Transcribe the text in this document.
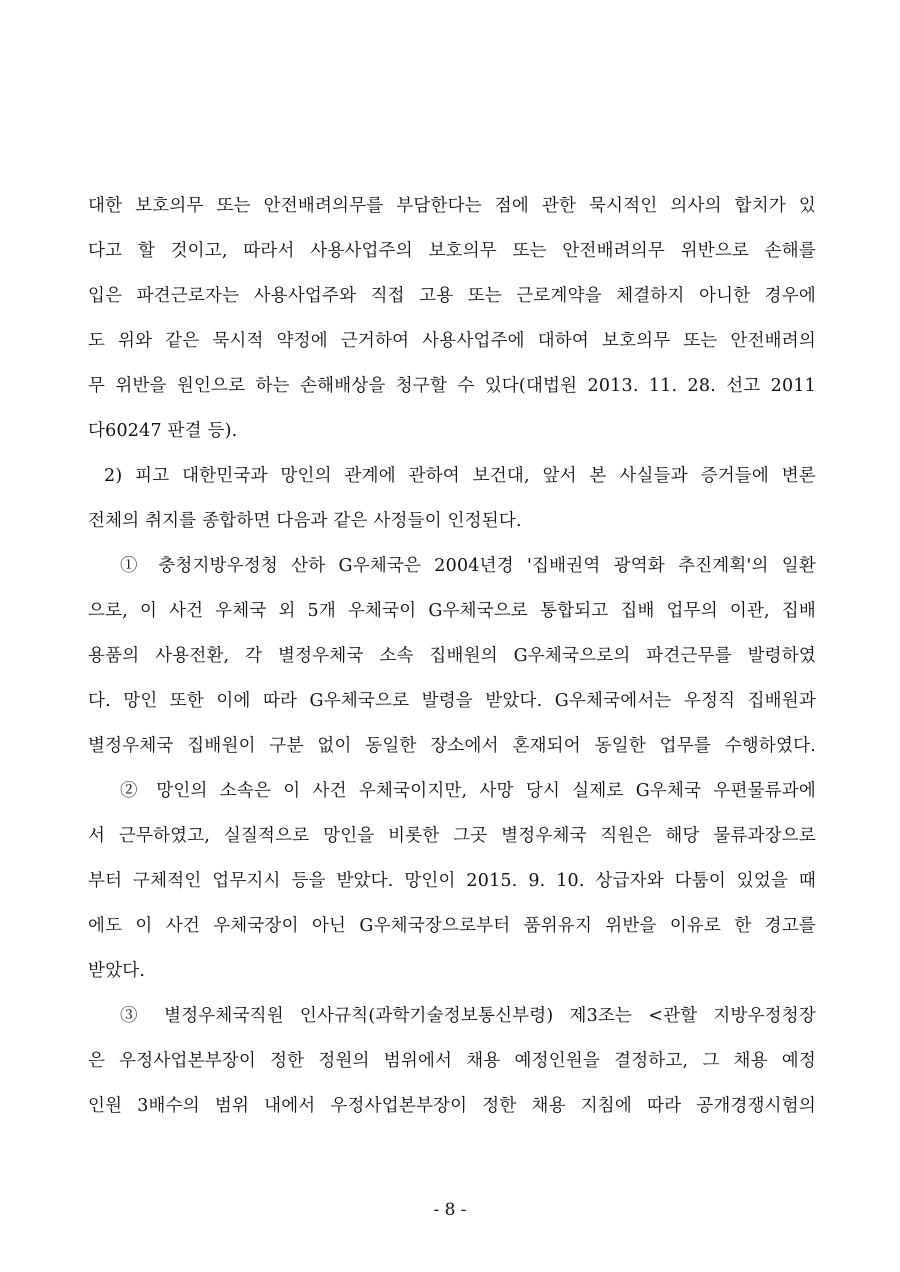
대한 보호의무 또는 안전배려의무를 부담한다는 점에 관한 묵시적인 의사의 합치가 있
다고 할 것이고, 따라서 사용사업주의 보호의무 또는 안전배려의무 위반으로 손해를
입은 파견근로자는 사용사업주와 직접 고용 또는 근로계약을 체결하지 아니한 경우에
도 위와 같은 묵시적 약정에 근거하여 사용사업주에 대하여 보호의무 또는 안전배려의
무 위반을 원인으로 하는 손해배상을 청구할 수 있다(대법원 2013. 11. 28. 선고 2011
다60247 판결 등).
2) 피고 대한민국과 망인의 관계에 관하여 보건대, 앞서 본 사실들과 증거들에 변론
전체의 취지를 종합하면 다음과 같은 사정들이 인정된다.
① 충청지방우정청 산하 G우체국은 2004년경 '집배권역 광역화 추진계획'의 일환
으로, 이 사건 우체국 외 5개 우체국이 G우체국으로 통합되고 집배 업무의 이관, 집배
용품의 사용전환, 각 별정우체국 소속 집배원의 G우체국으로의 파견근무를 발령하였
다. 망인 또한 이에 따라 G우체국으로 발령을 받았다. G우체국에서는 우정직 집배원과
별정우체국 집배원이 구분 없이 동일한 장소에서 혼재되어 동일한 업무를 수행하였다.
② 망인의 소속은 이 사건 우체국이지만, 사망 당시 실제로 G우체국 우편물류과에
서 근무하였고, 실질적으로 망인을 비롯한 그곳 별정우체국 직원은 해당 물류과장으로
부터 구체적인 업무지시 등을 받았다. 망인이 2015. 9. 10. 상급자와 다툼이 있었을 때
에도 이 사건 우체국장이 아닌 G우체국장으로부터 품위유지 위반을 이유로 한 경고를
받았다.
③ 별정우체국직원 인사규칙(과학기술정보통신부령) 제3조는 <관할 지방우정청장
은 우정사업본부장이 정한 정원의 범위에서 채용 예정인원을 결정하고, 그 채용 예정
인원 3배수의 범위 내에서 우정사업본부장이 정한 채용 지침에 따라 공개경쟁시험의
- 8 -
